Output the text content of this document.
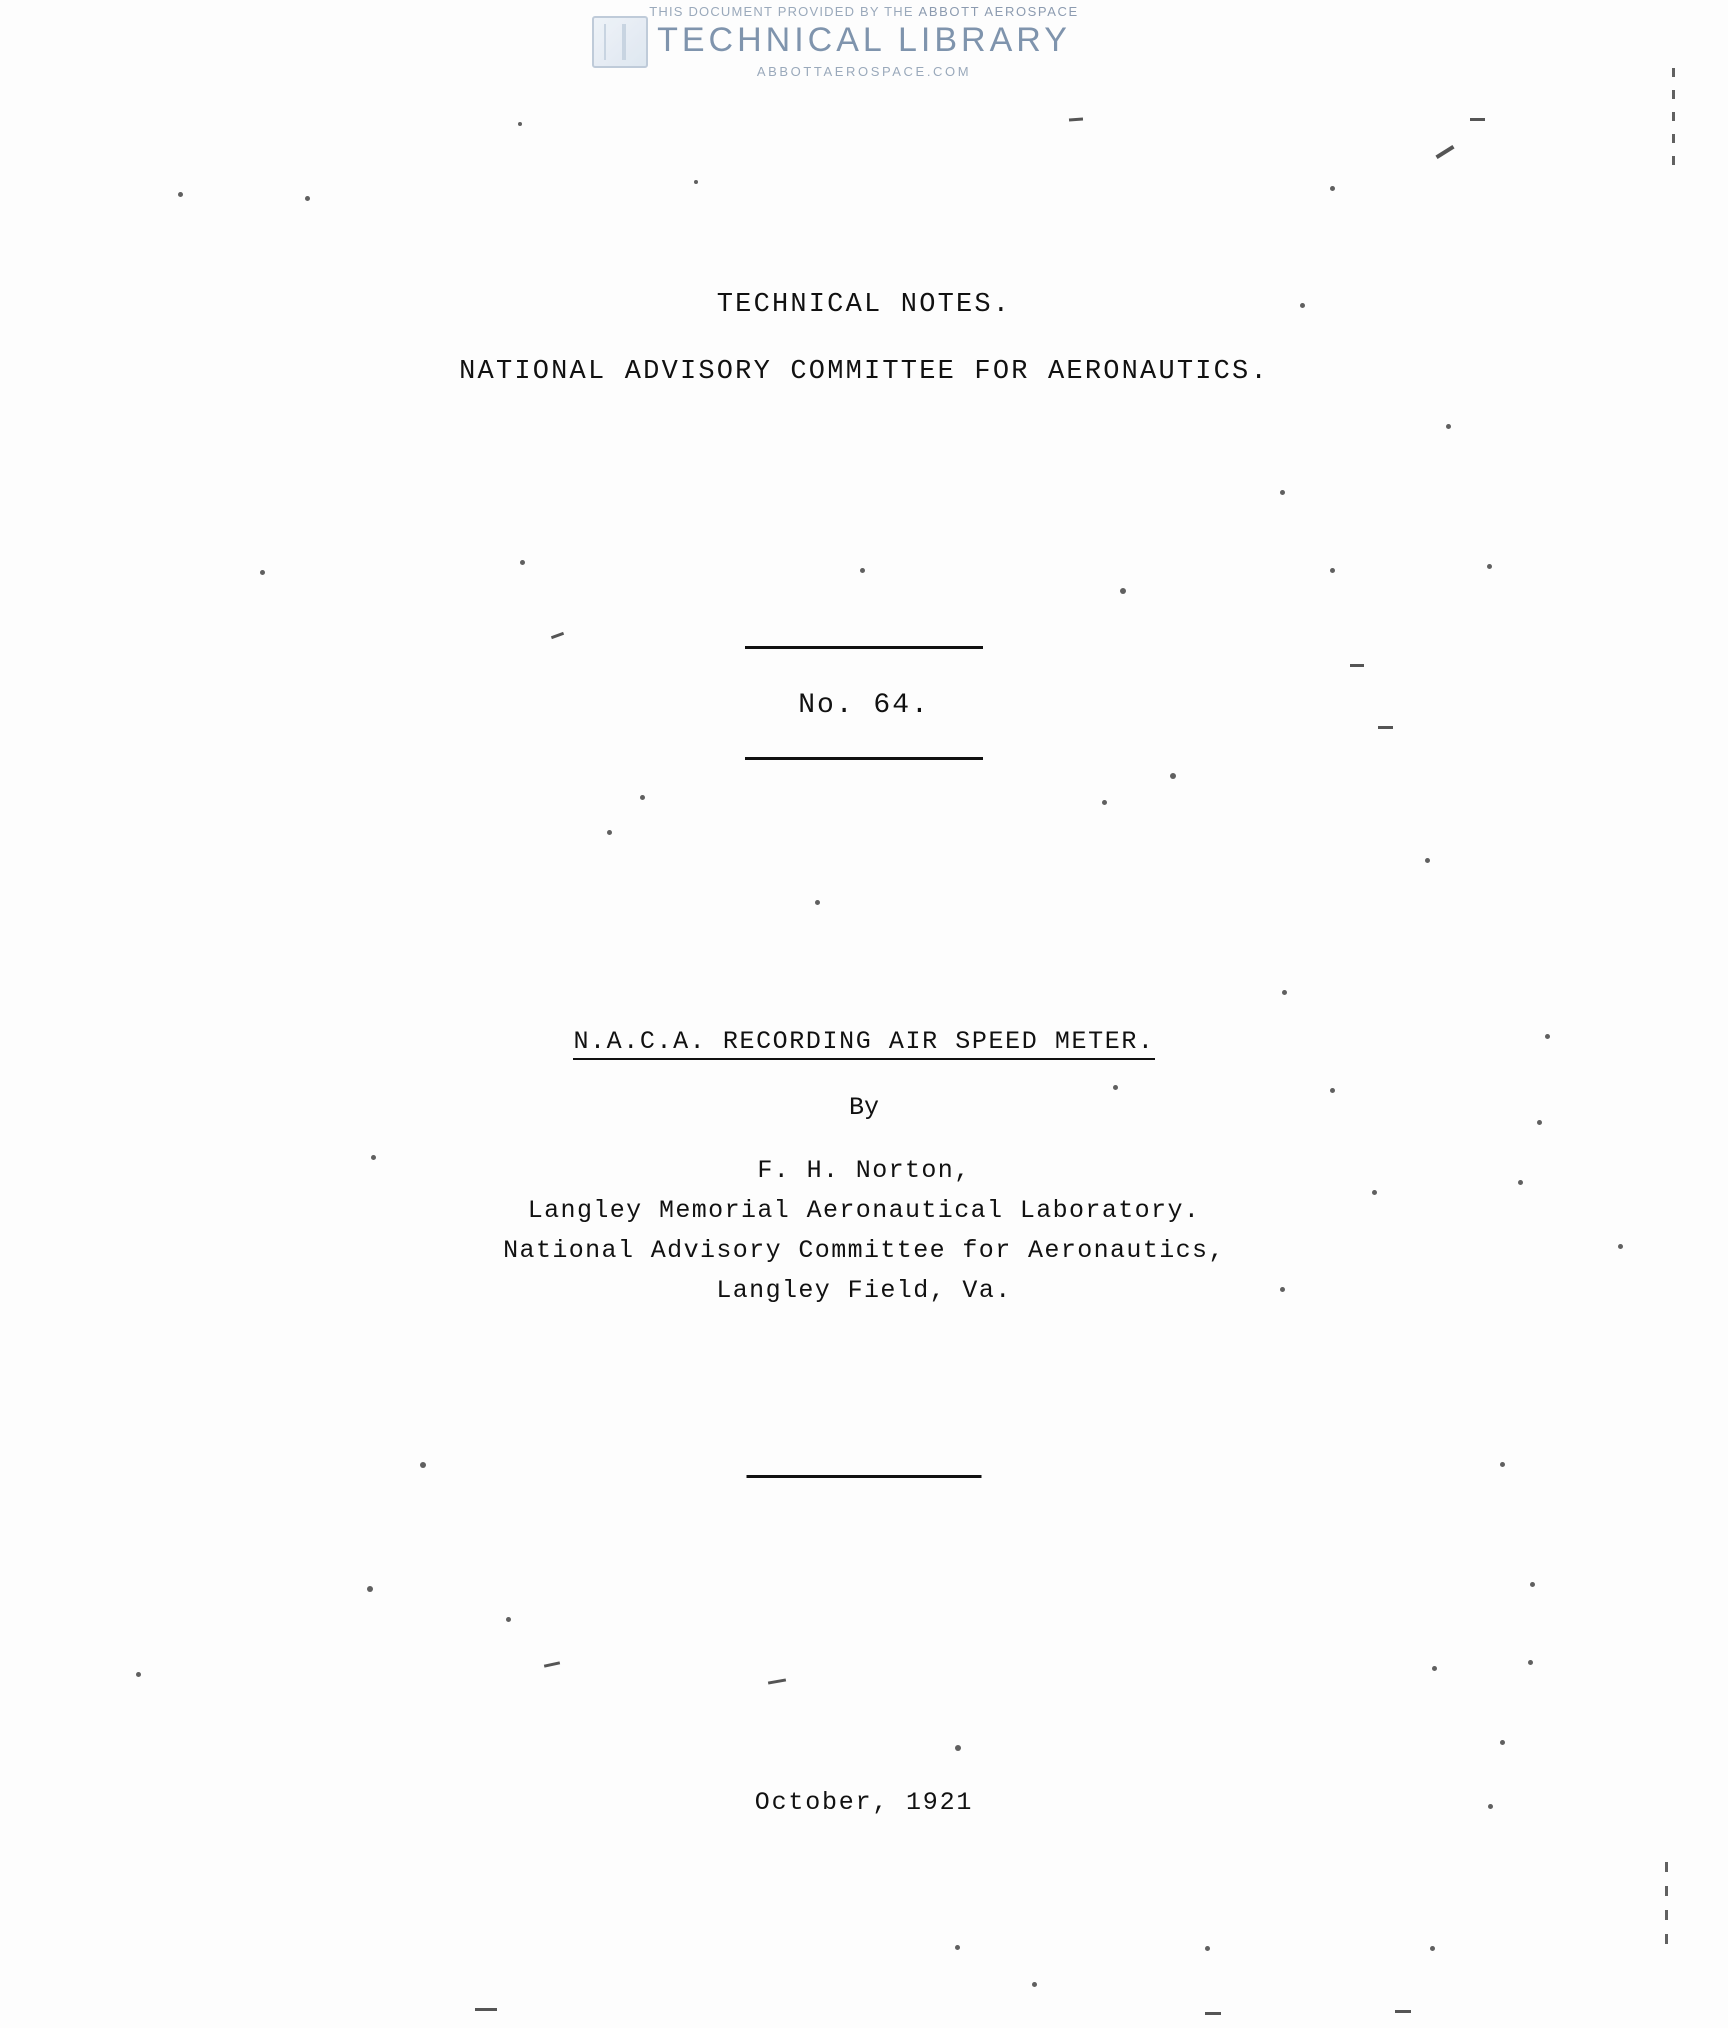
THIS DOCUMENT PROVIDED BY THE ABBOTT AEROSPACE
TECHNICAL LIBRARY
ABBOTTAEROSPACE.COM
TECHNICAL NOTES.
NATIONAL ADVISORY COMMITTEE FOR AERONAUTICS.
No. 64.
N.A.C.A. RECORDING AIR SPEED METER.
By
F. H. Norton,
Langley Memorial Aeronautical Laboratory.
National Advisory Committee for Aeronautics,
Langley Field, Va.
October, 1921
